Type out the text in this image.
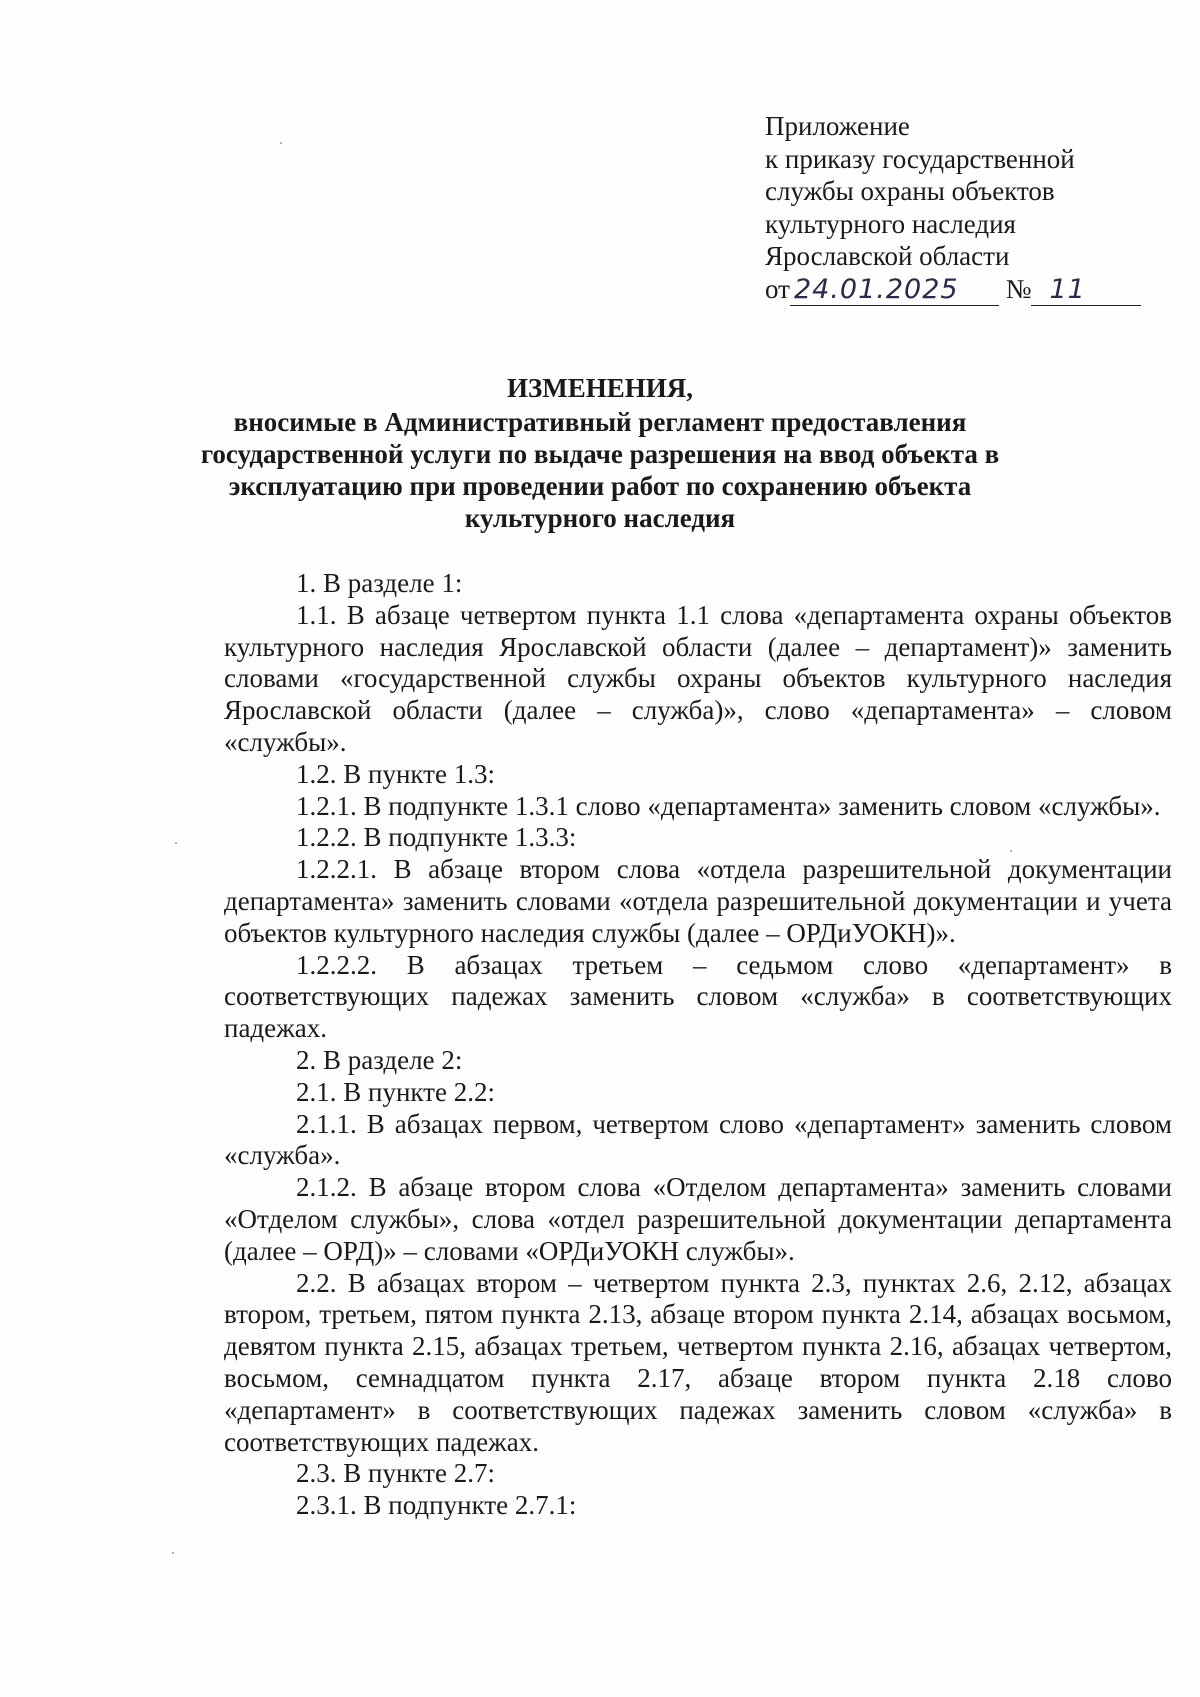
Приложение
к приказу государственной
службы охраны объектов
культурного наследия
Ярославской области
от 24.01.2025 № 11
ИЗМЕНЕНИЯ,
вносимые в Административный регламент предоставления государственной услуги по выдаче разрешения на ввод объекта в эксплуатацию при проведении работ по сохранению объекта культурного наследия

1. В разделе 1:

1.1. В абзаце четвертом пункта 1.1 слова «департамента охраны объектов культурного наследия Ярославской области (далее – департамент)» заменить словами «государственной службы охраны объектов культурного наследия Ярославской области (далее – служба)», слово «департамента» – словом «службы».

1.2. В пункте 1.3:

1.2.1. В подпункте 1.3.1 слово «департамента» заменить словом «службы».

1.2.2. В подпункте 1.3.3:

1.2.2.1. В абзаце втором слова «отдела разрешительной документации департамента» заменить словами «отдела разрешительной документации и учета объектов культурного наследия службы (далее – ОРДиУОКН)».

1.2.2.2. В абзацах третьем – седьмом слово «департамент» в соответствующих падежах заменить словом «служба» в соответствующих падежах.

2. В разделе 2:

2.1. В пункте 2.2:

2.1.1. В абзацах первом, четвертом слово «департамент» заменить словом «служба».

2.1.2. В абзаце втором слова «Отделом департамента» заменить словами «Отделом службы», слова «отдел разрешительной документации департамента (далее – ОРД)» – словами «ОРДиУОКН службы».

2.2. В абзацах втором – четвертом пункта 2.3, пунктах 2.6, 2.12, абзацах втором, третьем, пятом пункта 2.13, абзаце втором пункта 2.14, абзацах восьмом, девятом пункта 2.15, абзацах третьем, четвертом пункта 2.16, абзацах четвертом, восьмом, семнадцатом пункта 2.17, абзаце втором пункта 2.18 слово «департамент» в соответствующих падежах заменить словом «служба» в соответствующих падежах.

2.3. В пункте 2.7:

2.3.1. В подпункте 2.7.1:
